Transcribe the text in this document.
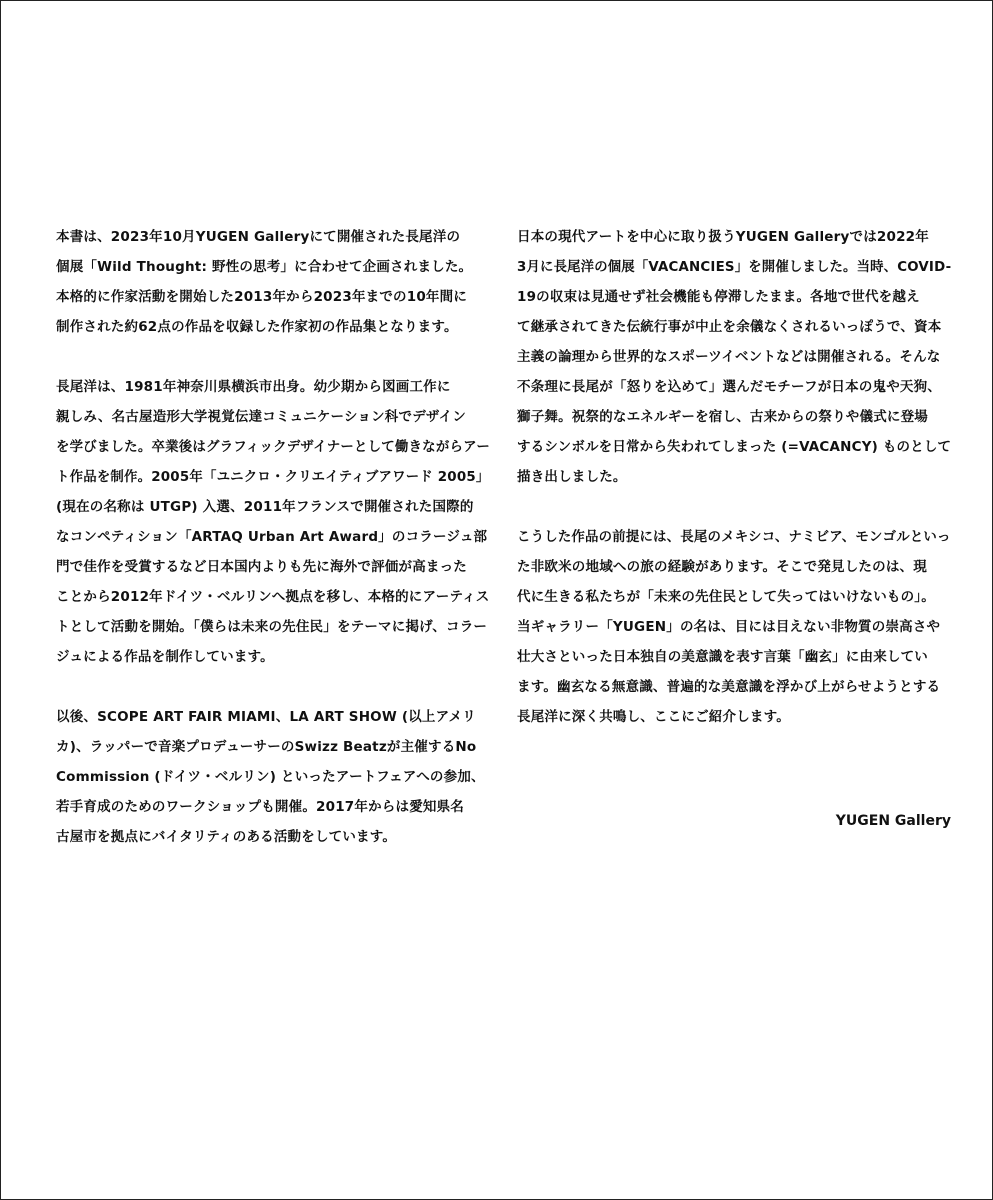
本書は、2023年10月YUGEN Galleryにて開催された長尾洋の
個展「Wild Thought: 野性の思考」に合わせて企画されました。
本格的に作家活動を開始した2013年から2023年までの10年間に
制作された約62点の作品を収録した作家初の作品集となります。
長尾洋は、1981年神奈川県横浜市出身。幼少期から図画工作に
親しみ、名古屋造形大学視覚伝達コミュニケーション科でデザイン
を学びました。卒業後はグラフィックデザイナーとして働きながらアー
ト作品を制作。2005年「ユニクロ・クリエイティブアワード 2005」
(現在の名称は UTGP) 入選、2011年フランスで開催された国際的
なコンペティション「ARTAQ Urban Art Award」のコラージュ部
門で佳作を受賞するなど日本国内よりも先に海外で評価が高まった
ことから2012年ドイツ・ベルリンへ拠点を移し、本格的にアーティス
トとして活動を開始。「僕らは未来の先住民」をテーマに掲げ、コラー
ジュによる作品を制作しています。
以後、SCOPE ART FAIR MIAMI、LA ART SHOW (以上アメリ
カ)、ラッパーで音楽プロデューサーのSwizz Beatzが主催するNo
Commission (ドイツ・ベルリン) といったアートフェアへの参加、
若手育成のためのワークショップも開催。2017年からは愛知県名
古屋市を拠点にバイタリティのある活動をしています。
日本の現代アートを中心に取り扱うYUGEN Galleryでは2022年
3月に長尾洋の個展「VACANCIES」を開催しました。当時、COVID-
19の収束は見通せず社会機能も停滞したまま。各地で世代を越え
て継承されてきた伝統行事が中止を余儀なくされるいっぽうで、資本
主義の論理から世界的なスポーツイベントなどは開催される。そんな
不条理に長尾が「怒りを込めて」選んだモチーフが日本の鬼や天狗、
獅子舞。祝祭的なエネルギーを宿し、古来からの祭りや儀式に登場
するシンボルを日常から失われてしまった (=VACANCY) ものとして
描き出しました。
こうした作品の前提には、長尾のメキシコ、ナミビア、モンゴルといっ
た非欧米の地域への旅の経験があります。そこで発見したのは、現
代に生きる私たちが「未来の先住民として失ってはいけないもの」。
当ギャラリー「YUGEN」の名は、目には目えない非物質の崇高さや
壮大さといった日本独自の美意識を表す言葉「幽玄」に由来してい
ます。幽玄なる無意識、普遍的な美意識を浮かび上がらせようとする
長尾洋に深く共鳴し、ここにご紹介します。
YUGEN Gallery
